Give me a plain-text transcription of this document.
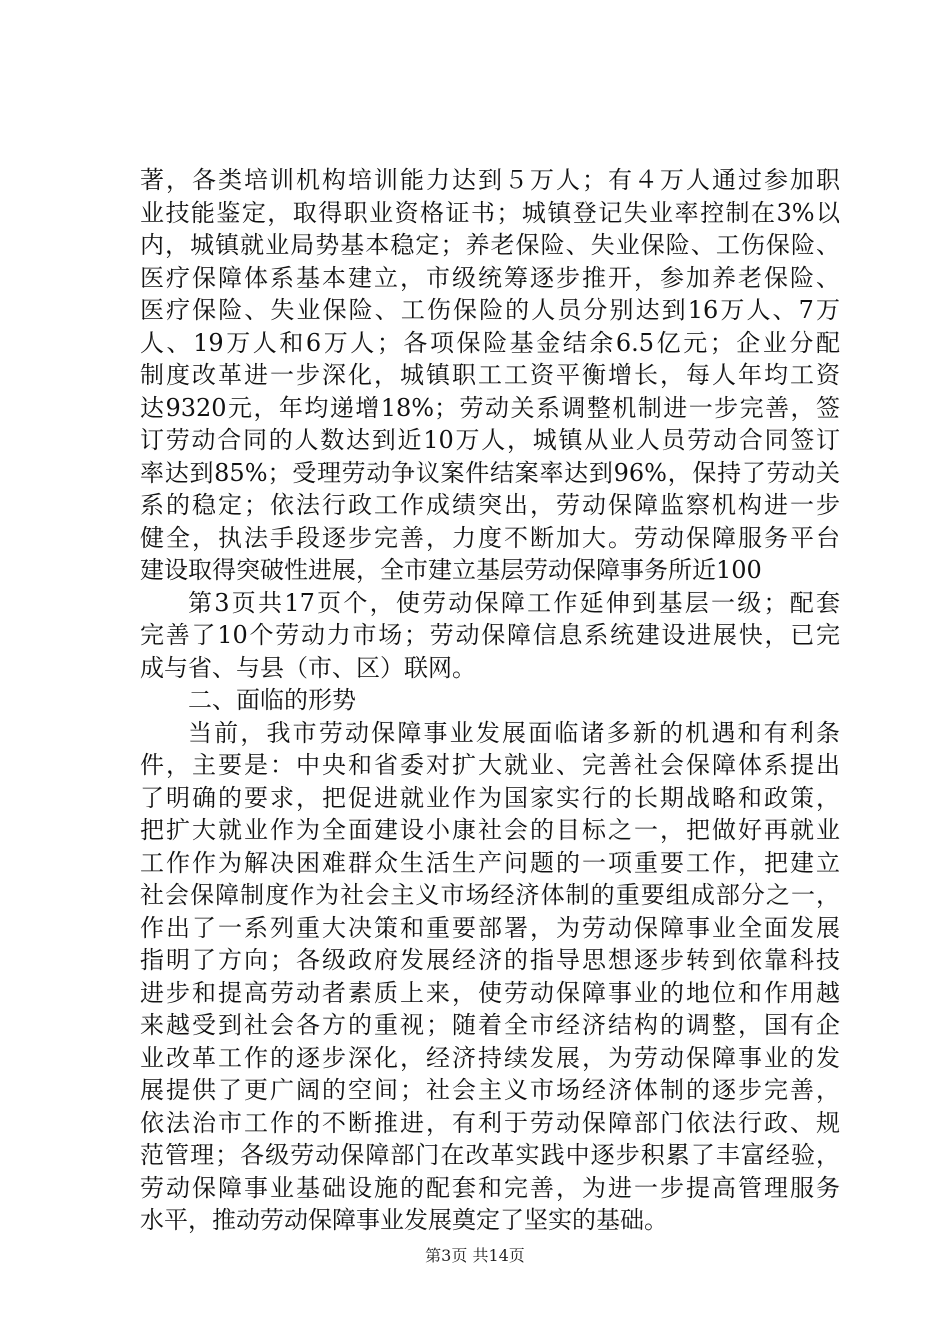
著，各类培训机构培训能力达到５万人；有４万人通过参加职
业技能鉴定，取得职业资格证书；城镇登记失业率控制在3%以
内，城镇就业局势基本稳定；养老保险、失业保险、工伤保险、
医疗保障体系基本建立，市级统筹逐步推开，参加养老保险、
医疗保险、失业保险、工伤保险的人员分别达到16万人、7万
人、19万人和6万人；各项保险基金结余6.5亿元；企业分配
制度改革进一步深化，城镇职工工资平衡增长，每人年均工资
达9320元，年均递增18%；劳动关系调整机制进一步完善，签
订劳动合同的人数达到近10万人，城镇从业人员劳动合同签订
率达到85%；受理劳动争议案件结案率达到96%，保持了劳动关
系的稳定；依法行政工作成绩突出，劳动保障监察机构进一步
健全，执法手段逐步完善，力度不断加大。劳动保障服务平台
建设取得突破性进展，全市建立基层劳动保障事务所近100
第3页共17页个，使劳动保障工作延伸到基层一级；配套
完善了10个劳动力市场；劳动保障信息系统建设进展快，已完
成与省、与县（市、区）联网。
二、面临的形势
当前，我市劳动保障事业发展面临诸多新的机遇和有利条
件，主要是：中央和省委对扩大就业、完善社会保障体系提出
了明确的要求，把促进就业作为国家实行的长期战略和政策，
把扩大就业作为全面建设小康社会的目标之一，把做好再就业
工作作为解决困难群众生活生产问题的一项重要工作，把建立
社会保障制度作为社会主义市场经济体制的重要组成部分之一，
作出了一系列重大决策和重要部署，为劳动保障事业全面发展
指明了方向；各级政府发展经济的指导思想逐步转到依靠科技
进步和提高劳动者素质上来，使劳动保障事业的地位和作用越
来越受到社会各方的重视；随着全市经济结构的调整，国有企
业改革工作的逐步深化，经济持续发展，为劳动保障事业的发
展提供了更广阔的空间；社会主义市场经济体制的逐步完善，
依法治市工作的不断推进，有利于劳动保障部门依法行政、规
范管理；各级劳动保障部门在改革实践中逐步积累了丰富经验，
劳动保障事业基础设施的配套和完善，为进一步提高管理服务
水平，推动劳动保障事业发展奠定了坚实的基础。
第3页 共14页
